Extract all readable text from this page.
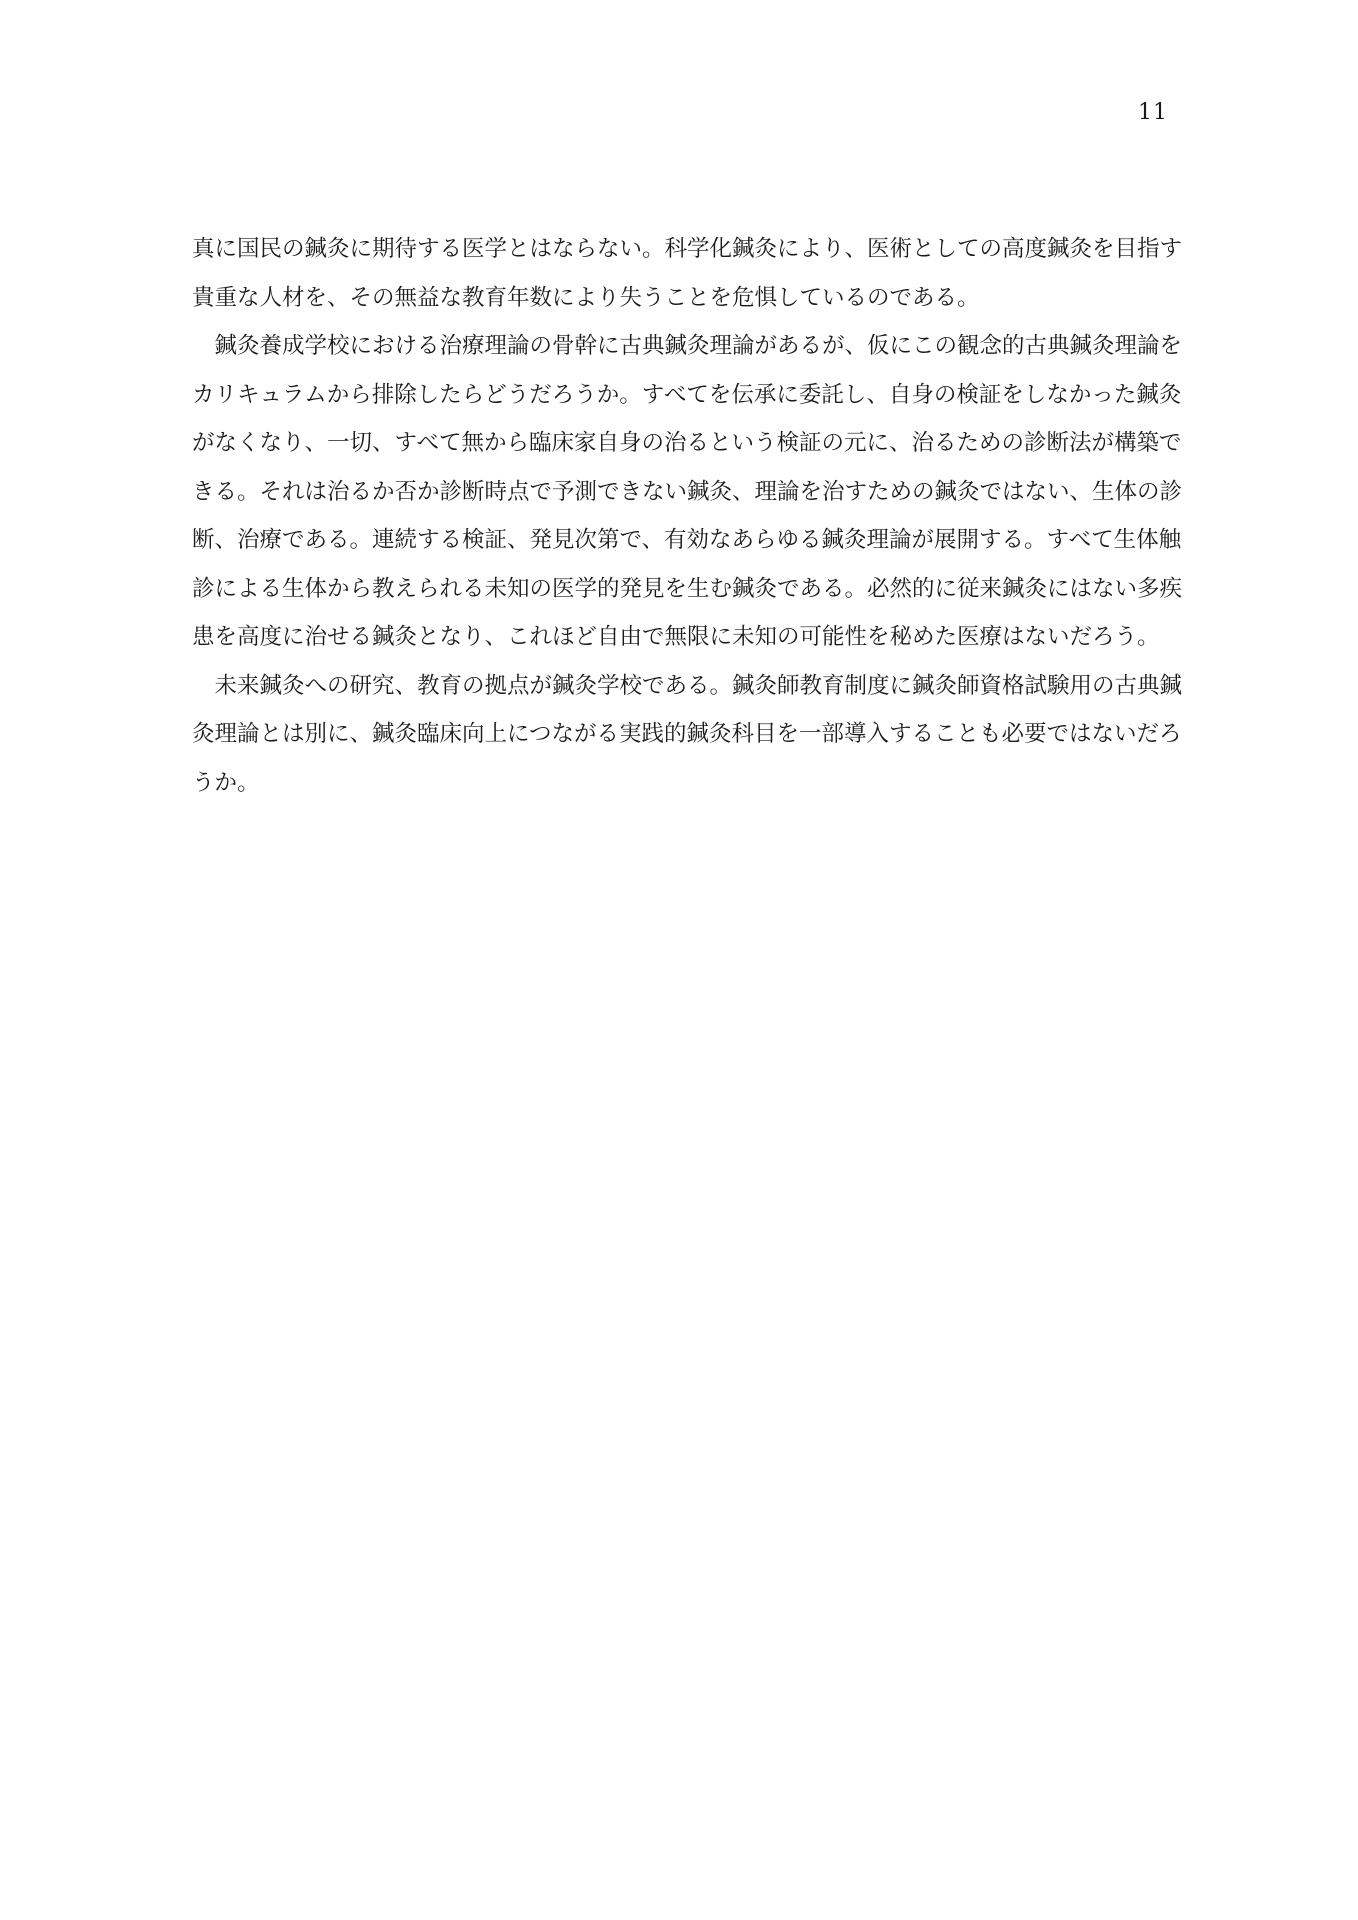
11
真に国民の鍼灸に期待する医学とはならない。科学化鍼灸により、医術としての高度鍼灸を目指す
貴重な人材を、その無益な教育年数により失うことを危惧しているのである。
　鍼灸養成学校における治療理論の骨幹に古典鍼灸理論があるが、仮にこの観念的古典鍼灸理論を
カリキュラムから排除したらどうだろうか。すべてを伝承に委託し、自身の検証をしなかった鍼灸
がなくなり、一切、すべて無から臨床家自身の治るという検証の元に、治るための診断法が構築で
きる。それは治るか否か診断時点で予測できない鍼灸、理論を治すための鍼灸ではない、生体の診
断、治療である。連続する検証、発見次第で、有効なあらゆる鍼灸理論が展開する。すべて生体触
診による生体から教えられる未知の医学的発見を生む鍼灸である。必然的に従来鍼灸にはない多疾
患を高度に治せる鍼灸となり、これほど自由で無限に未知の可能性を秘めた医療はないだろう。
　未来鍼灸への研究、教育の拠点が鍼灸学校である。鍼灸師教育制度に鍼灸師資格試験用の古典鍼
灸理論とは別に、鍼灸臨床向上につながる実践的鍼灸科目を一部導入することも必要ではないだろ
うか。
